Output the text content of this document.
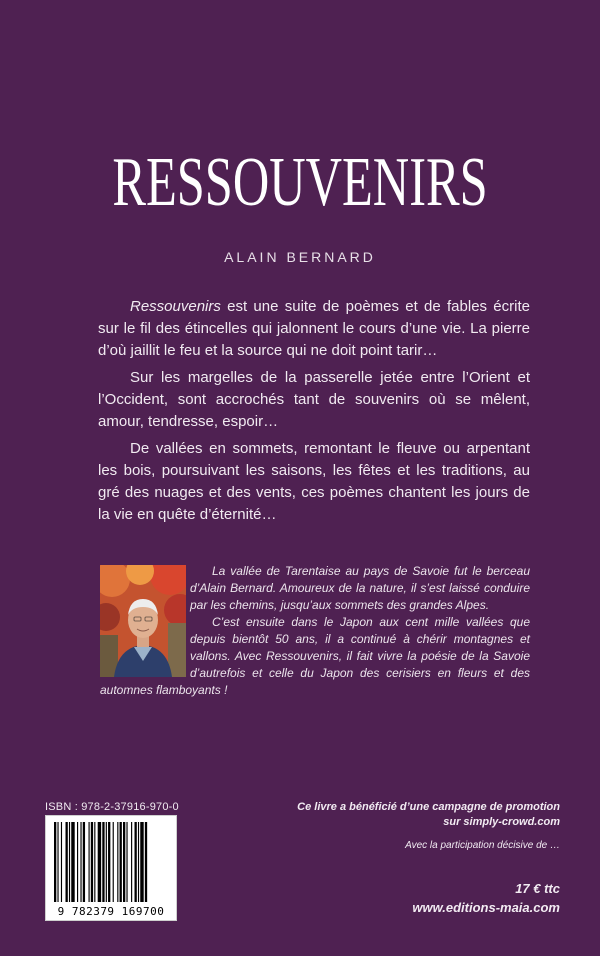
RESSOUVENIRS
ALAIN BERNARD

Ressouvenirs est une suite de poèmes et de fables écrite sur le fil des étincelles qui jalonnent le cours d’une vie. La pierre d’où jaillit le feu et la source qui ne doit point tarir…

Sur les margelles de la passerelle jetée entre l’Orient et l’Occident, sont accrochés tant de souvenirs où se mêlent, amour, tendresse, espoir…

De vallées en sommets, remontant le fleuve ou arpentant les bois, poursuivant les saisons, les fêtes et les traditions, au gré des nuages et des vents, ces poèmes chantent les jours de la vie en quête d’éternité…

La vallée de Tarentaise au pays de Savoie fut le berceau d’Alain Bernard. Amoureux de la nature, il s’est laissé conduire par les chemins, jusqu’aux sommets des grandes Alpes.

C’est ensuite dans le Japon aux cent mille vallées que depuis bientôt 50 ans, il a continué à chérir montagnes et vallons. Avec Ressouvenirs, il fait vivre la poésie de la Savoie d’autrefois et celle du Japon des cerisiers en fleurs et des automnes flamboyants !

ISBN : 978-2-37916-970-0
9 782379 169700
Ce livre a bénéficié d’une campagne de promotion
sur simply-crowd.com
Avec la participation décisive de …
17 € ttc
www.editions-maia.com
